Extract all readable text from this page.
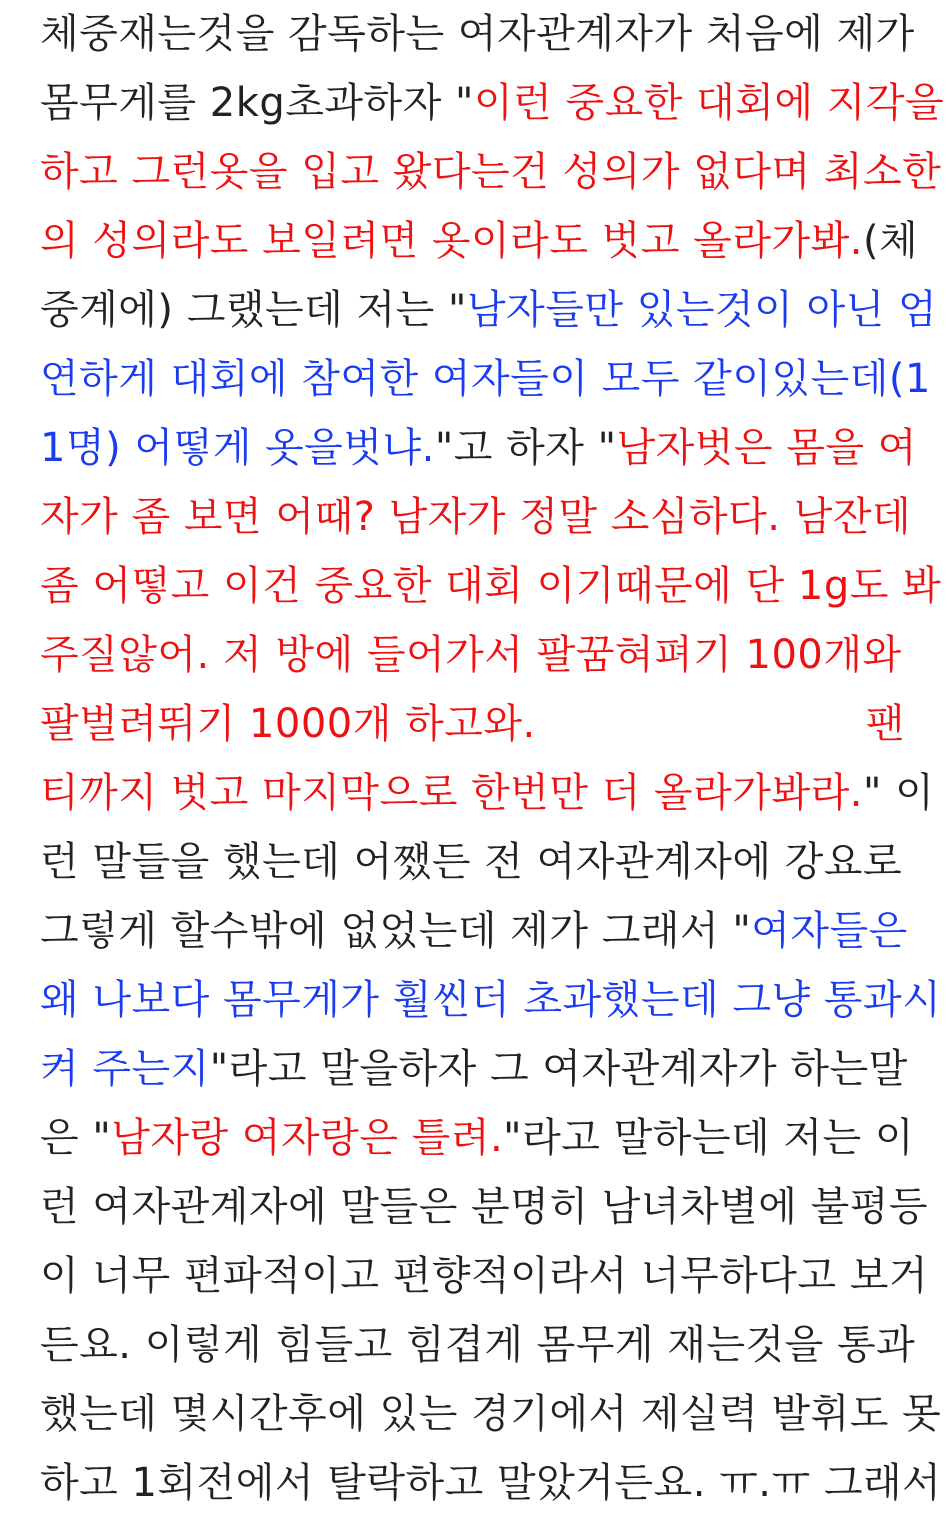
체중재는것을 감독하는 여자관계자가 처음에 제가
몸무게를 2kg초과하자 "이런 중요한 대회에 지각을
하고 그런옷을 입고 왔다는건 성의가 없다며 최소한
의 성의라도 보일려면 옷이라도 벗고 올라가봐.(체
중계에) 그랬는데 저는 "남자들만 있는것이 아닌 엄
연하게 대회에 참여한 여자들이 모두 같이있는데(1
1명) 어떻게 옷을벗냐."고 하자 "남자벗은 몸을 여
자가 좀 보면 어때? 남자가 정말 소심하다. 남잔데
좀 어떻고 이건 중요한 대회 이기때문에 단 1g도 봐
주질않어. 저 방에 들어가서 팔꿈혀펴기 100개와
팔벌려뛰기 1000개 하고와.	팬
티까지 벗고 마지막으로 한번만 더 올라가봐라." 이
런 말들을 했는데 어쨌든 전 여자관계자에 강요로
그렇게 할수밖에 없었는데 제가 그래서 "여자들은
왜 나보다 몸무게가 훨씬더 초과했는데 그냥 통과시
켜 주는지"라고 말을하자 그 여자관계자가 하는말
은 "남자랑 여자랑은 틀려."라고 말하는데 저는 이
런 여자관계자에 말들은 분명히 남녀차별에 불평등
이 너무 편파적이고 편향적이라서 너무하다고 보거
든요. 이렇게 힘들고 힘겹게 몸무게 재는것을 통과
했는데 몇시간후에 있는 경기에서 제실력 발휘도 못
하고 1회전에서 탈락하고 말았거든요. ㅠ.ㅠ 그래서
